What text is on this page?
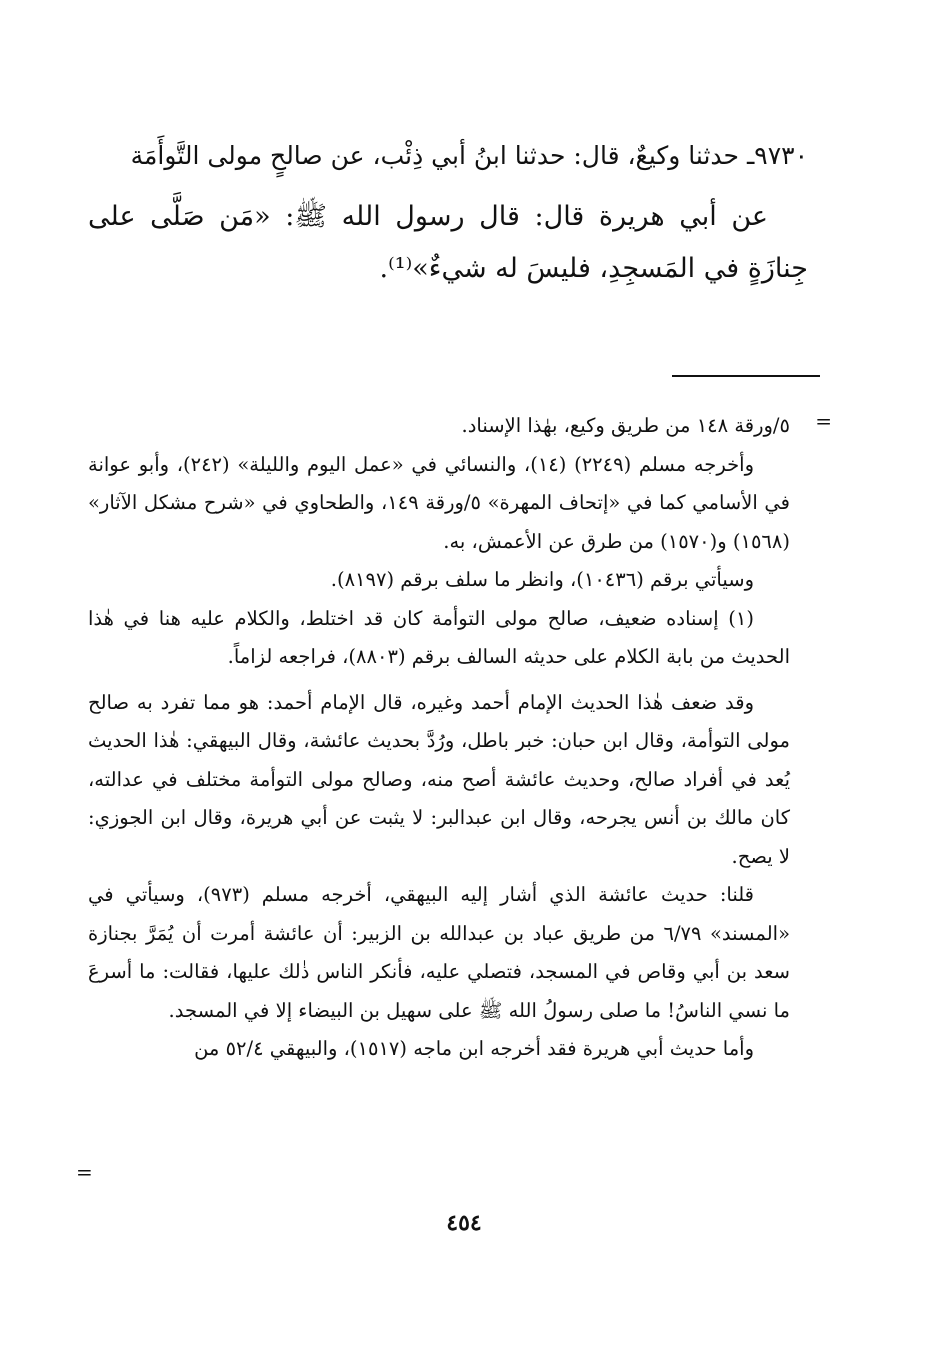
٩٧٣٠ـ حدثنا وكيعٌ، قال: حدثنا ابنُ أبي ذِئْب، عن صالحٍ مولى التَّوأَمَة

عن أبي هريرة قال: قال رسول الله ﷺ: «مَن صَلَّى على جِنازَةٍ في المَسجِدِ، فليسَ له شيءٌ»⁽¹⁾.

=

٥/ورقة ١٤٨ من طريق وكيع، بهٰذا الإسناد.

وأخرجه مسلم (٢٢٤٩) (١٤)، والنسائي في «عمل اليوم والليلة» (٢٤٢)، وأبو عوانة في الأسامي كما في «إتحاف المهرة» ٥/ورقة ١٤٩، والطحاوي في «شرح مشكل الآثار» (١٥٦٨) و(١٥٧٠) من طرق عن الأعمش، به.

وسيأتي برقم (١٠٤٣٦)، وانظر ما سلف برقم (٨١٩٧).

(١) إسناده ضعيف، صالح مولى التوأمة كان قد اختلط، والكلام عليه هنا في هٰذا الحديث من بابة الكلام على حديثه السالف برقم (٨٨٠٣)، فراجعه لزاماً.

وقد ضعف هٰذا الحديث الإمام أحمد وغيره، قال الإمام أحمد: هو مما تفرد به صالح مولى التوأمة، وقال ابن حبان: خبر باطل، ورُدَّ بحديث عائشة، وقال البيهقي: هٰذا الحديث يُعد في أفراد صالح، وحديث عائشة أصح منه، وصالح مولى التوأمة مختلف في عدالته، كان مالك بن أنس يجرحه، وقال ابن عبدالبر: لا يثبت عن أبي هريرة، وقال ابن الجوزي: لا يصح.

قلنا: حديث عائشة الذي أشار إليه البيهقي، أخرجه مسلم (٩٧٣)، وسيأتي في «المسند» ٦/٧٩ من طريق عباد بن عبدالله بن الزبير: أن عائشة أمرت أن يُمَرَّ بجنازة سعد بن أبي وقاص في المسجد، فتصلي عليه، فأنكر الناس ذٰلك عليها، فقالت: ما أسرعَ ما نسي الناسُ! ما صلى رسولُ الله ﷺ على سهيل بن البيضاء إلا في المسجد.

وأما حديث أبي هريرة فقد أخرجه ابن ماجه (١٥١٧)، والبيهقي ٥٢/٤ من

=
٤٥٤
